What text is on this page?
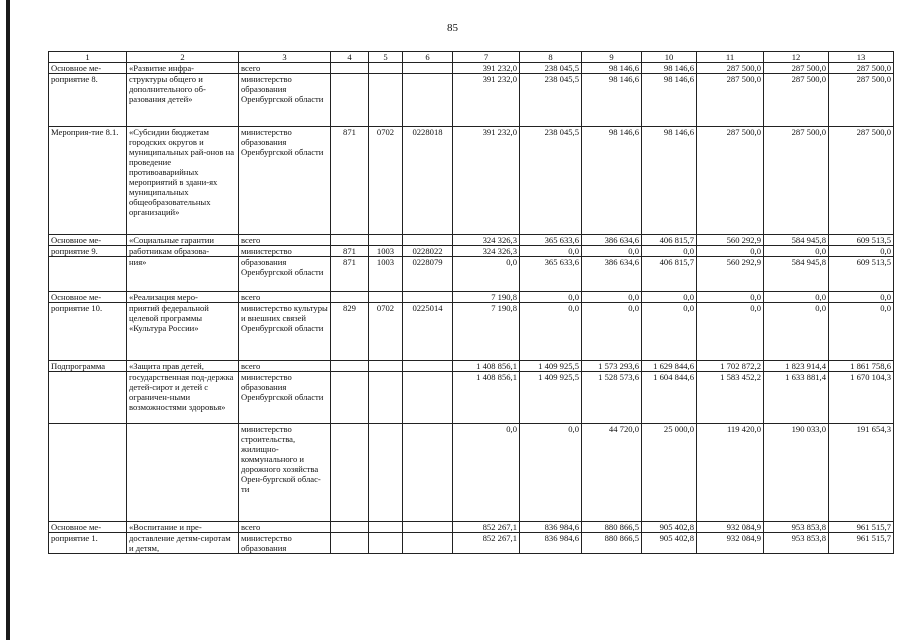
85
1	2	3	4	5	6	7	8	9	10	11	12	13
Основное ме-	«Развитие инфра-	всего				391 232,0	238 045,5	98 146,6	98 146,6	287 500,0	287 500,0	287 500,0
роприятие 8.	структуры общего и дополнительного об-разования детей»	министерство образования Оренбургской области				391 232,0	238 045,5	98 146,6	98 146,6	287 500,0	287 500,0	287 500,0
Мероприя-тие 8.1.	«Субсидии бюджетам городских округов и муниципальных рай-онов на проведение противоаварийных мероприятий в здани-ях муниципальных общеобразовательных организаций»	министерство образования Оренбургской области	871	0702	0228018	391 232,0	238 045,5	98 146,6	98 146,6	287 500,0	287 500,0	287 500,0
Основное ме-	«Социальные гарантии	всего				324 326,3	365 633,6	386 634,6	406 815,7	560 292,9	584 945,8	609 513,5
роприятие 9.	работникам образова-	министерство	871	1003	0228022	324 326,3	0,0	0,0	0,0	0,0	0,0	0,0
	ния»	образования Оренбургской области	871	1003	0228079	0,0	365 633,6	386 634,6	406 815,7	560 292,9	584 945,8	609 513,5
Основное ме-	«Реализация меро-	всего				7 190,8	0,0	0,0	0,0	0,0	0,0	0,0
роприятие 10.	приятий федеральной целевой программы «Культура России»	министерство культуры и внешних связей Оренбургской области	829	0702	0225014	7 190,8	0,0	0,0	0,0	0,0	0,0	0,0
Подпрограмма	«Защита прав детей,	всего				1 408 856,1	1 409 925,5	1 573 293,6	1 629 844,6	1 702 872,2	1 823 914,4	1 861 758,6
	государственная под-держка детей-сирот и детей с ограничен-ными возможностями здоровья»	министерство образования Оренбургской области				1 408 856,1	1 409 925,5	1 528 573,6	1 604 844,6	1 583 452,2	1 633 881,4	1 670 104,3
		министерство строительства, жилищно-коммунального и дорожного хозяйства Орен-бургской облас-ти				0,0	0,0	44 720,0	25 000,0	119 420,0	190 033,0	191 654,3
Основное ме-	«Воспитание и пре-	всего				852 267,1	836 984,6	880 866,5	905 402,8	932 084,9	953 853,8	961 515,7
роприятие 1.	доставление детям-сиротам и детям,	министерство образования				852 267,1	836 984,6	880 866,5	905 402,8	932 084,9	953 853,8	961 515,7
